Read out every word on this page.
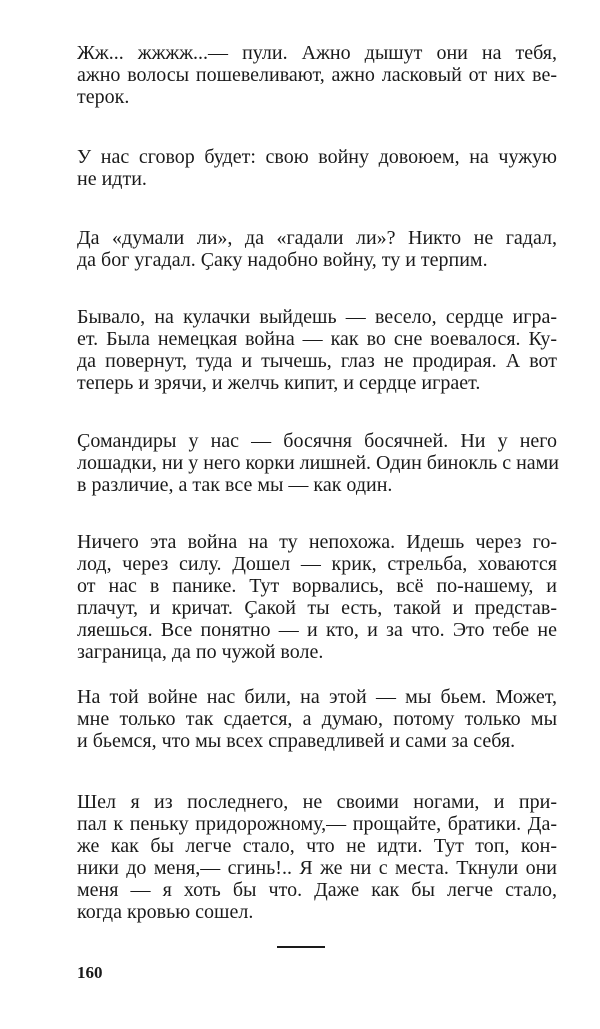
Жж... жжжж...— пули. Ажно дышут они на тебя,
ажно волосы пошевеливают, ажно ласковый от них ве-
терок.
У нас сговор будет: свою войну довоюем, на чужую
не идти.
Да «думали ли», да «гадали ли»? Никто не гадал,
да бог угадал. Ҫаку надобно войну, ту и терпим.
Бывало, на кулачки выйдешь — весело, сердце игра-
ет. Была немецкая война — как во сне воевалося. Ку-
да повернут, туда и тычешь, глаз не продирая. А вот
теперь и зрячи, и желчь кипит, и сердце играет.
Ҫомандиры у нас — босячня босячней. Ни у него
лошадки, ни у него корки лишней. Один бинокль с нами
в различие, а так все мы — как один.
Ничего эта война на ту непохожа. Идешь через го-
лод, через силу. Дошел — крик, стрельба, ховаются
от нас в панике. Тут ворвались, всё по-нашему, и
плачут, и кричат. Ҫакой ты есть, такой и представ-
ляешься. Все понятно — и кто, и за что. Это тебе не
заграница, да по чужой воле.
На той войне нас били, на этой — мы бьем. Может,
мне только так сдается, а думаю, потому только мы
и бьемся, что мы всех справедливей и сами за себя.
Шел я из последнего, не своими ногами, и при-
пал к пеньку придорожному,— прощайте, братики. Да-
же как бы легче стало, что не идти. Тут топ, кон-
ники до меня,— сгинь!.. Я же ни с места. Ткнули они
меня — я хоть бы что. Даже как бы легче стало,
когда кровью сошел.
160
